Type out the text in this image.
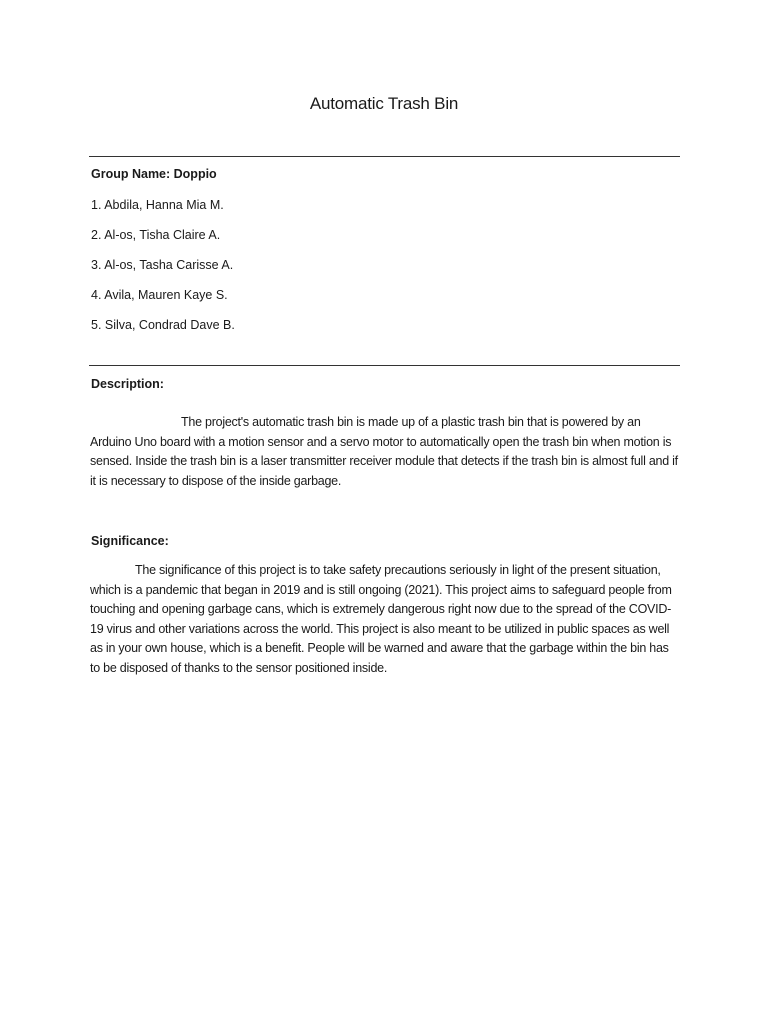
Automatic Trash Bin

Group Name: Doppio

1. Abdila, Hanna Mia M.
2. Al-os, Tisha Claire A.
3. Al-os, Tasha Carisse A.
4. Avila, Mauren Kaye S.
5. Silva, Condrad Dave B.

Description:

The project's automatic trash bin is made up of a plastic trash bin that is powered by an Arduino Uno board with a motion sensor and a servo motor to automatically open the trash bin when motion is sensed. Inside the trash bin is a laser transmitter receiver module that detects if the trash bin is almost full and if it is necessary to dispose of the inside garbage.

Significance:

The significance of this project is to take safety precautions seriously in light of the present situation, which is a pandemic that began in 2019 and is still ongoing (2021). This project aims to safeguard people from touching and opening garbage cans, which is extremely dangerous right now due to the spread of the COVID-19 virus and other variations across the world. This project is also meant to be utilized in public spaces as well as in your own house, which is a benefit. People will be warned and aware that the garbage within the bin has to be disposed of thanks to the sensor positioned inside.
